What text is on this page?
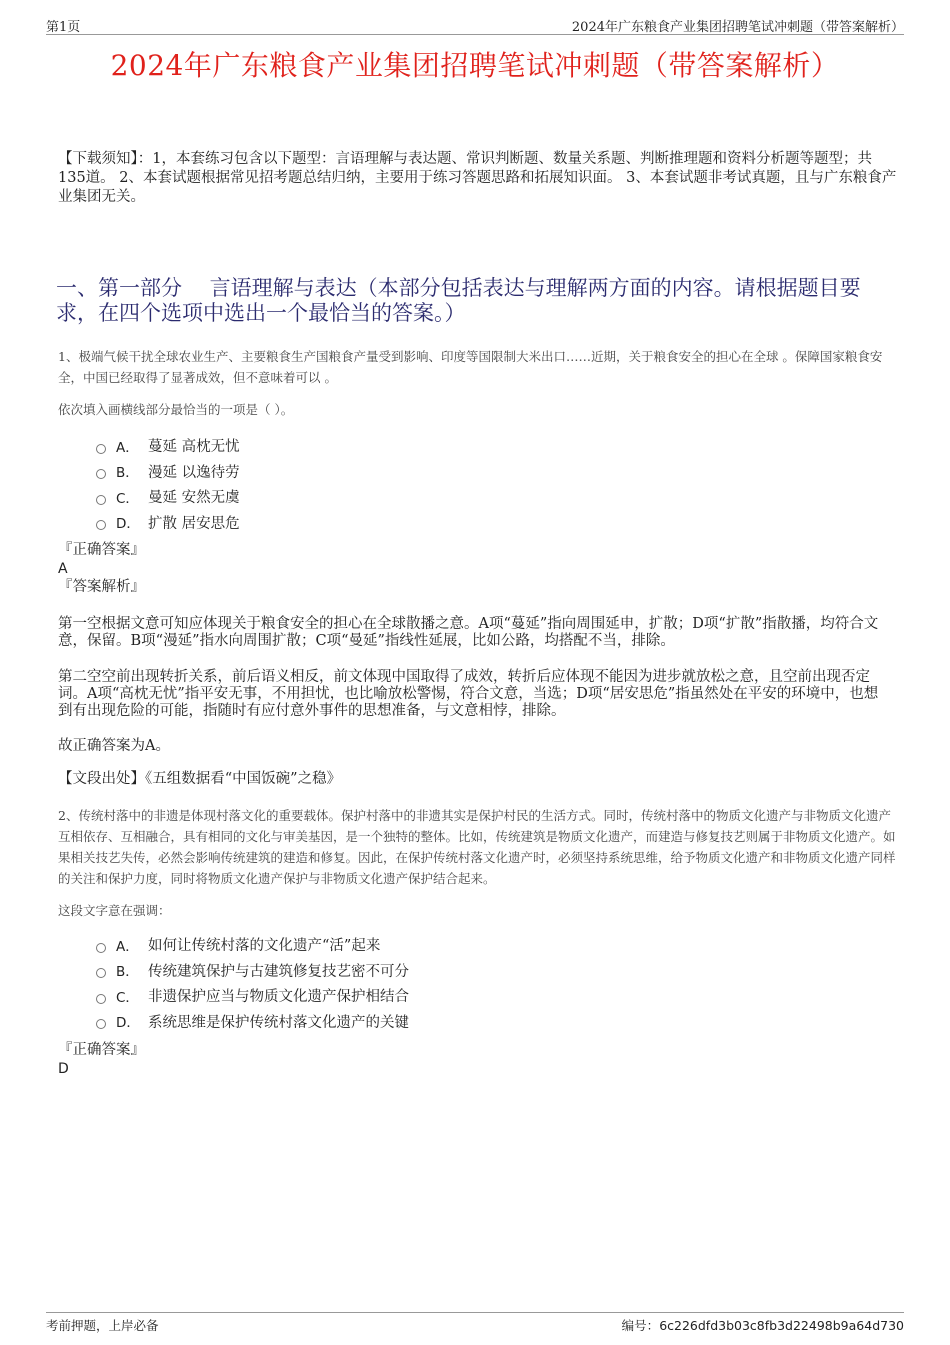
第1页	2024年广东粮食产业集团招聘笔试冲刺题（带答案解析）
2024年广东粮食产业集团招聘笔试冲刺题（带答案解析）
【下载须知】：1，本套练习包含以下题型：言语理解与表达题、常识判断题、数量关系题、判断推理题和资料分析题等题型；共135道。 2、本套试题根据常见招考题总结归纳，主要用于练习答题思路和拓展知识面。 3、本套试题非考试真题，且与广东粮食产业集团无关。
一、第一部分　 言语理解与表达（本部分包括表达与理解两方面的内容。请根据题目要求，在四个选项中选出一个最恰当的答案。）
1、极端气候干扰全球农业生产、主要粮食生产国粮食产量受到影响、印度等国限制大米出口……近期，关于粮食安全的担心在全球 。保障国家粮食安全，中国已经取得了显著成效，但不意味着可以 。
依次填入画横线部分最恰当的一项是（ ）。
A． 蔓延 高枕无忧
B． 漫延 以逸待劳
C． 曼延 安然无虞
D． 扩散 居安思危
『正确答案』
A
『答案解析』
第一空根据文意可知应体现关于粮食安全的担心在全球散播之意。A项“蔓延”指向周围延申，扩散；D项“扩散”指散播，均符合文意，保留。B项“漫延”指水向周围扩散；C项“曼延”指线性延展，比如公路，均搭配不当，排除。
第二空空前出现转折关系，前后语义相反，前文体现中国取得了成效，转折后应体现不能因为进步就放松之意，且空前出现否定词。A项“高枕无忧”指平安无事，不用担忧，也比喻放松警惕，符合文意，当选；D项“居安思危”指虽然处在平安的环境中，也想到有出现危险的可能，指随时有应付意外事件的思想准备，与文意相悖，排除。
故正确答案为A。
【文段出处】《五组数据看“中国饭碗”之稳》
2、传统村落中的非遗是体现村落文化的重要载体。保护村落中的非遗其实是保护村民的生活方式。同时，传统村落中的物质文化遗产与非物质文化遗产互相依存、互相融合，具有相同的文化与审美基因，是一个独特的整体。比如，传统建筑是物质文化遗产，而建造与修复技艺则属于非物质文化遗产。如果相关技艺失传，必然会影响传统建筑的建造和修复。因此，在保护传统村落文化遗产时，必须坚持系统思维，给予物质文化遗产和非物质文化遗产同样的关注和保护力度，同时将物质文化遗产保护与非物质文化遗产保护结合起来。
这段文字意在强调：
A． 如何让传统村落的文化遗产“活”起来
B． 传统建筑保护与古建筑修复技艺密不可分
C． 非遗保护应当与物质文化遗产保护相结合
D． 系统思维是保护传统村落文化遗产的关键
『正确答案』
D
考前押题，上岸必备	编号：6c226dfd3b03c8fb3d22498b9a64d730
